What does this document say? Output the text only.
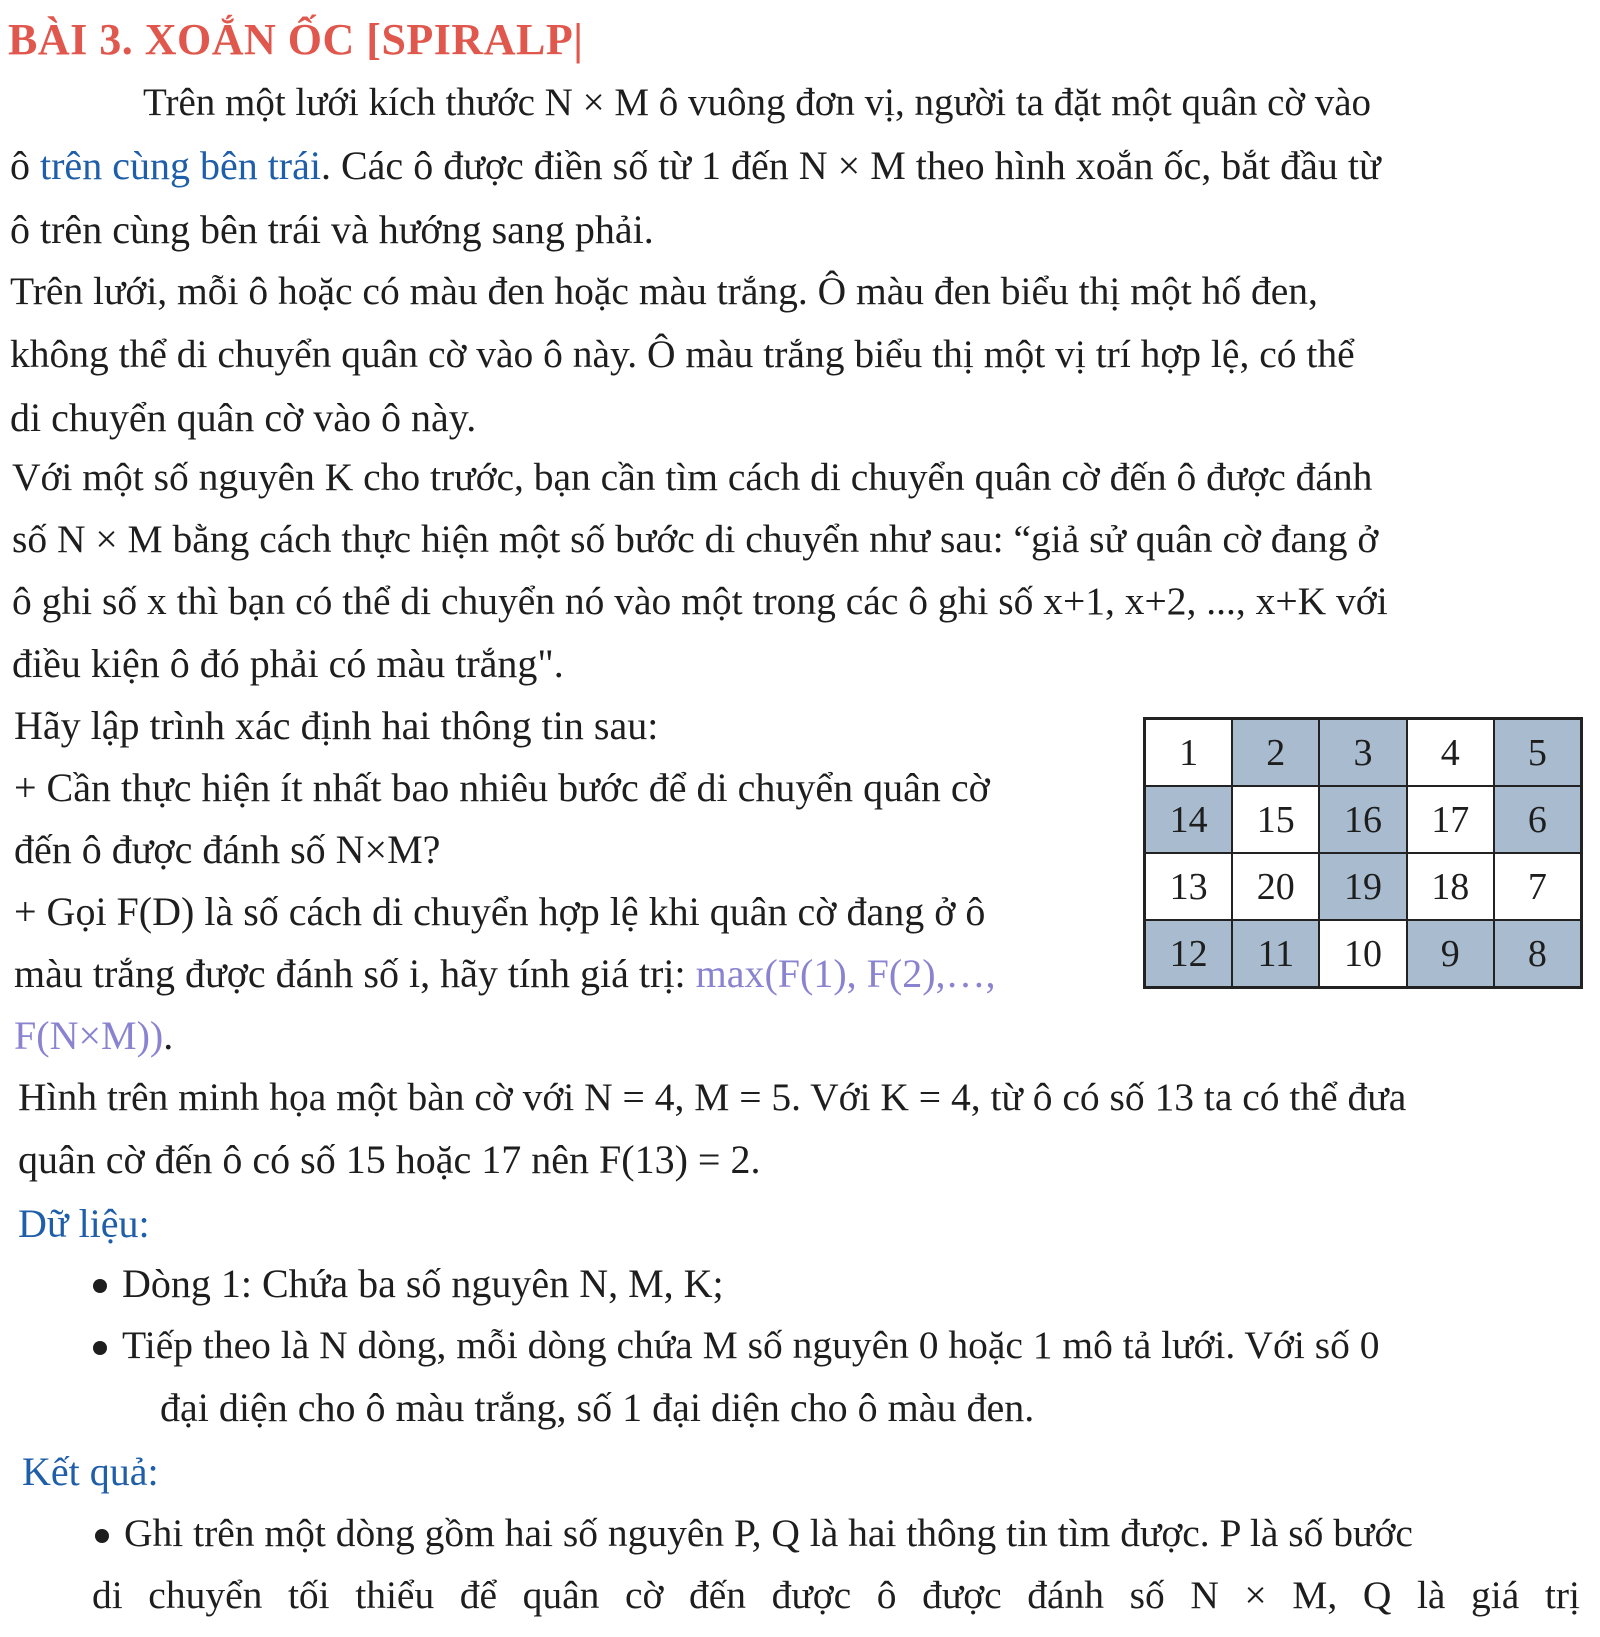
BÀI 3. XOẮN ỐC [SPIRALP|
Trên một lưới kích thước N × M ô vuông đơn vị, người ta đặt một quân cờ vào
ô trên cùng bên trái. Các ô được điền số từ 1 đến N × M theo hình xoắn ốc, bắt đầu từ
ô trên cùng bên trái và hướng sang phải.
Trên lưới, mỗi ô hoặc có màu đen hoặc màu trắng. Ô màu đen biểu thị một hố đen,
không thể di chuyển quân cờ vào ô này. Ô màu trắng biểu thị một vị trí hợp lệ, có thể
di chuyển quân cờ vào ô này.
Với một số nguyên K cho trước, bạn cần tìm cách di chuyển quân cờ đến ô được đánh
số N × M bằng cách thực hiện một số bước di chuyển như sau: “giả sử quân cờ đang ở
ô ghi số x thì bạn có thể di chuyển nó vào một trong các ô ghi số x+1, x+2, ..., x+K với
điều kiện ô đó phải có màu trắng".
Hãy lập trình xác định hai thông tin sau:
+ Cần thực hiện ít nhất bao nhiêu bước để di chuyển quân cờ
đến ô được đánh số N×M?
+ Gọi F(D) là số cách di chuyển hợp lệ khi quân cờ đang ở ô
màu trắng được đánh số i, hãy tính giá trị: max(F(1), F(2),…,
F(N×M)).
1	2	3	4	5
14	15	16	17	6
13	20	19	18	7
12	11	10	9	8
Hình trên minh họa một bàn cờ với N = 4, M = 5. Với K = 4, từ ô có số 13 ta có thể đưa
quân cờ đến ô có số 15 hoặc 17 nên F(13) = 2.
Dữ liệu:
Dòng 1: Chứa ba số nguyên N, M, K;
Tiếp theo là N dòng, mỗi dòng chứa M số nguyên 0 hoặc 1 mô tả lưới. Với số 0
đại diện cho ô màu trắng, số 1 đại diện cho ô màu đen.
Kết quả:
Ghi trên một dòng gồm hai số nguyên P, Q là hai thông tin tìm được. P là số bước
di chuyển tối thiểu để quân cờ đến được ô được đánh số N × M, Q là giá trị
